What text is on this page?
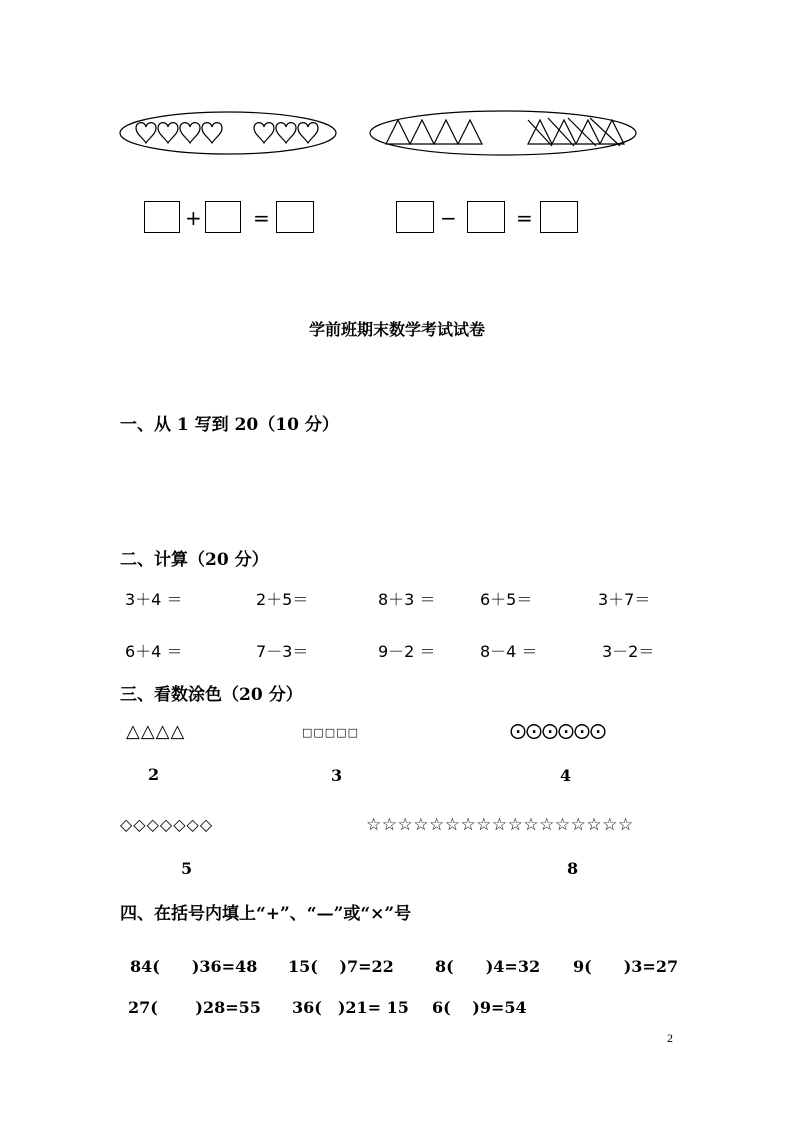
+	=	−	=
学前班期末数学考试试卷
一、从 1 写到 20（10 分）
二、计算（20 分）
3＋4 ＝	2＋5＝	8＋3 ＝	6＋5＝	3＋7＝
6＋4 ＝	7－3＝	9－2 ＝	8－4 ＝	3－2＝
三、看数涂色（20 分）
△△△△
2
□□□□□
3
⨀⨀⨀⨀⨀⨀
4
◇◇◇◇◇◇◇
5
☆☆☆☆☆☆☆☆☆☆☆☆☆☆☆☆☆
8
四、在括号内填上“+”、“—”或“×”号
84(　　)36=48 15(　 )7=22	8(　　)4=32 9(　　)3=27
27(　　 )28=55 36(　)21= 15 6(　 )9=54
2
